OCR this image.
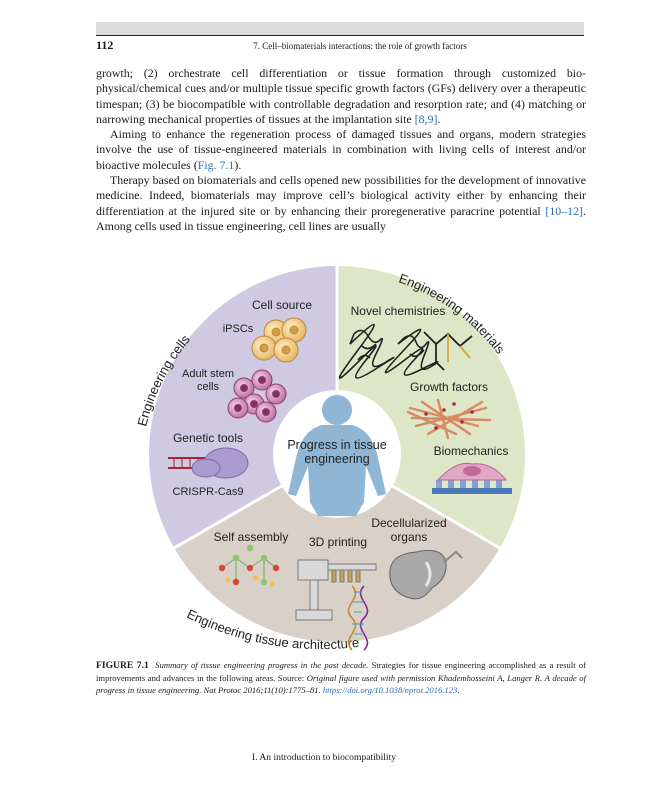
112	7. Cell–biomaterials interactions: the role of growth factors

growth; (2) orchestrate cell differentiation or tissue formation through customized bio-physical/chemical cues and/or multiple tissue specific growth factors (GFs) delivery over a therapeutic timespan; (3) be biocompatible with controllable degradation and resorption rate; and (4) matching or narrowing mechanical properties of tissues at the implantation site [8,9].

Aiming to enhance the regeneration process of damaged tissues and organs, modern strategies involve the use of tissue-engineered materials in combination with living cells of interest and/or bioactive molecules (Fig. 7.1).

Therapy based on biomaterials and cells opened new possibilities for the development of innovative medicine. Indeed, biomaterials may improve cell’s biological activity either by enhancing their differentiation at the injured site or by enhancing their proregenerative paracrine potential [10–12]. Among cells used in tissue engineering, cell lines are usually

Progress in tissue
engineering
Engineering cells
Engineering materials
Engineering tissue architecture
Cell source
iPSCs
Adult stem
cells
Genetic tools
CRISPR-Cas9
Novel chemistries
Growth factors
Biomechanics
Self assembly 3D printing
Decellularized
organs
FIGURE 7.1 Summary of tissue engineering progress in the past decade. Strategies for tissue engineering accomplished as a result of improvements and advances in the following areas. Source: Original figure used with permission Khademhosseini A, Langer R. A decade of progress in tissue engineering. Nat Protoc 2016;11(10):1775–81. https://doi.org/10.1038/nprot.2016.123.
I. An introduction to biocompatibility
